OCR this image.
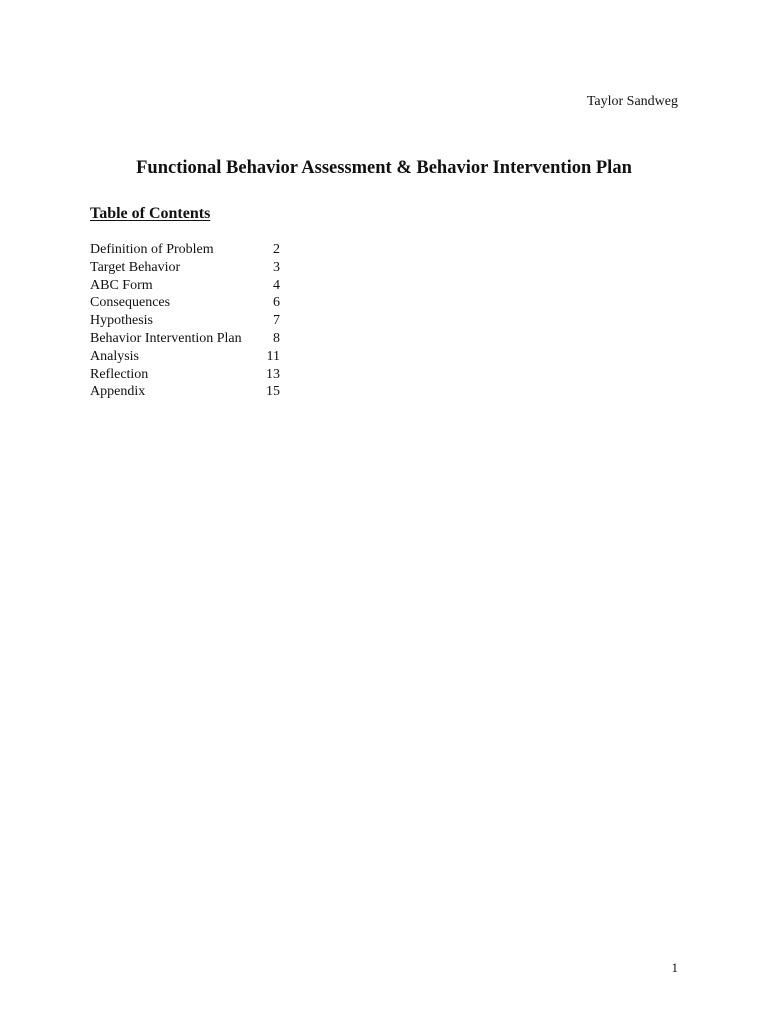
Taylor Sandweg
Functional Behavior Assessment & Behavior Intervention Plan
Table of Contents
Definition of Problem	2
Target Behavior	3
ABC Form	4
Consequences	6
Hypothesis	7
Behavior Intervention Plan 8
Analysis	11
Reflection	13
Appendix	15
1
